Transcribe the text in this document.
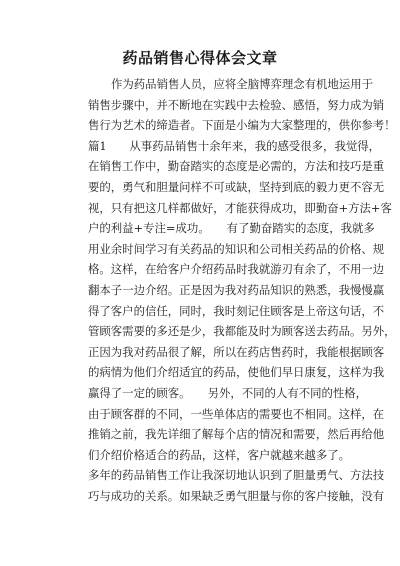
药品销售心得体会文章
作为药品销售人员，应将全脑博弈理念有机地运用于
销售步骤中，并不断地在实践中去检验、感悟，努力成为销
售行为艺术的缔造者。下面是小编为大家整理的，供你参考！
篇1　　从事药品销售十余年来，我的感受很多，我觉得，
在销售工作中，勤奋踏实的态度是必需的，方法和技巧是重
要的，勇气和胆量问样不可或缺，坚持到底的毅力更不容无
视，只有把这几样都做好，才能获得成功，即勤奋+方法+客
户的利益+专注=成功。　　有了勤奋踏实的态度，我就多
用业余时间学习有关药品的知识和公司相关药品的价格、规
格。这样，在给客户介绍药品时我就游刃有余了，不用一边
翻本子一边介绍。正是因为我对药品知识的熟悉，我慢慢赢
得了客户的信任，同时，我时刻记住顾客是上帝这句话，不
管顾客需要的多还是少，我都能及时为顾客送去药品。另外，
正因为我对药品很了解，所以在药店售药时，我能根据顾客
的病情为他们介绍适宜的药品，使他们早日康复，这样为我
赢得了一定的顾客。　　另外，不同的人有不同的性格，
由于顾客群的不同，一些单体店的需要也不相同。这样，在
推销之前，我先详细了解每个店的情况和需要，然后再给他
们介绍价格适合的药品，这样，客户就越来越多了。
多年的药品销售工作让我深切地认识到了胆量勇气、方法技
巧与成功的关系。如果缺乏勇气胆量与你的客户接触，没有
